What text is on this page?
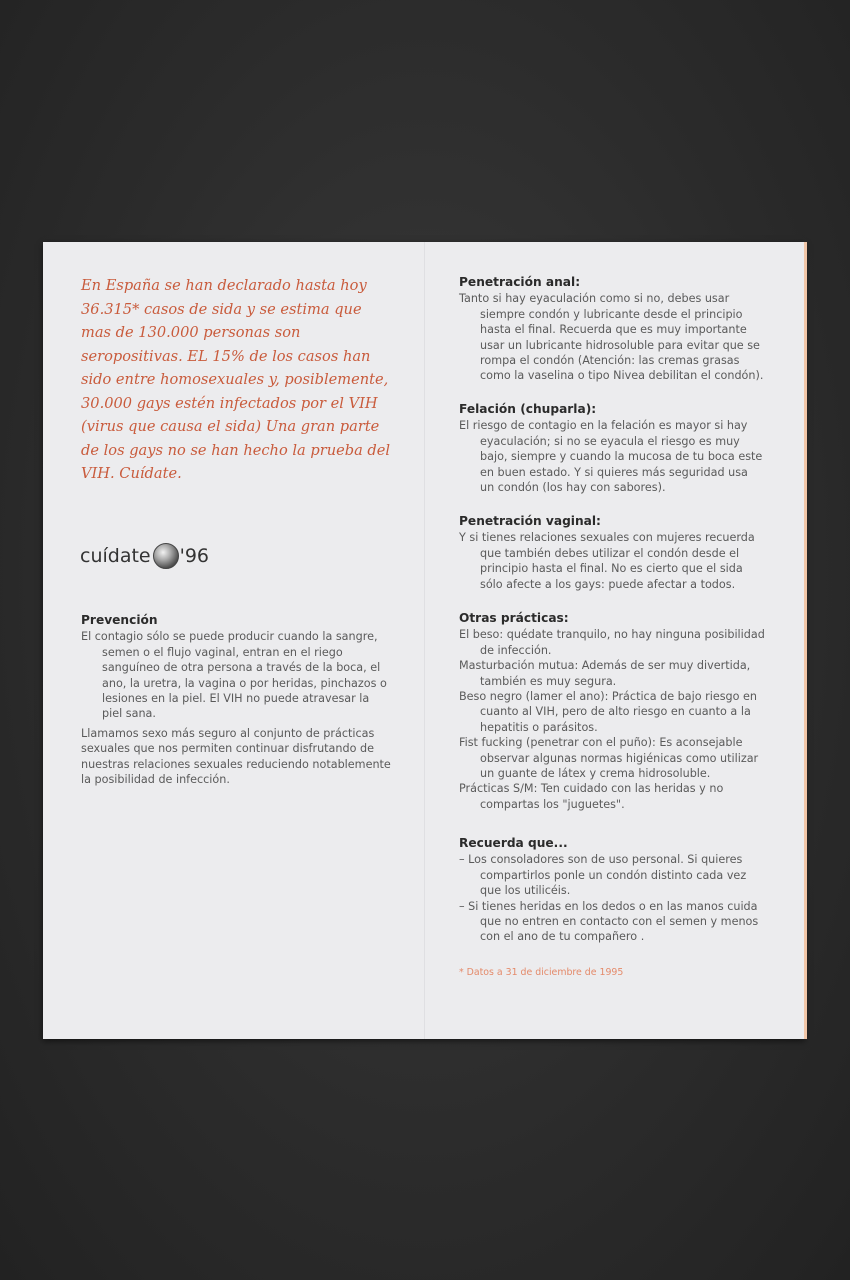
En España se han declarado hasta hoy 36.315* casos de sida y se estima que mas de 130.000 personas son seropositivas. EL 15% de los casos han sido entre homosexuales y, posiblemente, 30.000 gays estén infectados por el VIH (virus que causa el sida) Una gran parte de los gays no se han hecho la prueba del VIH. Cuídate.

cuídate '96
Prevención

El contagio sólo se puede producir cuando la sangre, semen o el flujo vaginal, entran en el riego sanguíneo de otra persona a través de la boca, el ano, la uretra, la vagina o por heridas, pinchazos o lesiones en la piel. El VIH no puede atravesar la piel sana.

Llamamos sexo más seguro al conjunto de prácticas sexuales que nos permiten continuar disfrutando de nuestras relaciones sexuales reduciendo notablemente la posibilidad de infección.

Penetración anal:

Tanto si hay eyaculación como si no, debes usar siempre condón y lubricante desde el principio hasta el final. Recuerda que es muy importante usar un lubricante hidrosoluble para evitar que se rompa el condón (Atención: las cremas grasas como la vaselina o tipo Nivea debilitan el condón).

Felación (chuparla):

El riesgo de contagio en la felación es mayor si hay eyaculación; si no se eyacula el riesgo es muy bajo, siempre y cuando la mucosa de tu boca este en buen estado. Y si quieres más seguridad usa un condón (los hay con sabores).

Penetración vaginal:

Y si tienes relaciones sexuales con mujeres recuerda que también debes utilizar el condón desde el principio hasta el final. No es cierto que el sida sólo afecte a los gays: puede afectar a todos.

Otras prácticas:

El beso: quédate tranquilo, no hay ninguna posibilidad de infección.

Masturbación mutua: Además de ser muy divertida, también es muy segura.

Beso negro (lamer el ano): Práctica de bajo riesgo en cuanto al VIH, pero de alto riesgo en cuanto a la hepatitis o parásitos.

Fist fucking (penetrar con el puño): Es aconsejable observar algunas normas higiénicas como utilizar un guante de látex y crema hidrosoluble.

Prácticas S/M: Ten cuidado con las heridas y no compartas los "juguetes".

Recuerda que...

– Los consoladores son de uso personal. Si quieres compartirlos ponle un condón distinto cada vez que los utilicéis.

– Si tienes heridas en los dedos o en las manos cuida que no entren en contacto con el semen y menos con el ano de tu compañero .

* Datos a 31 de diciembre de 1995
